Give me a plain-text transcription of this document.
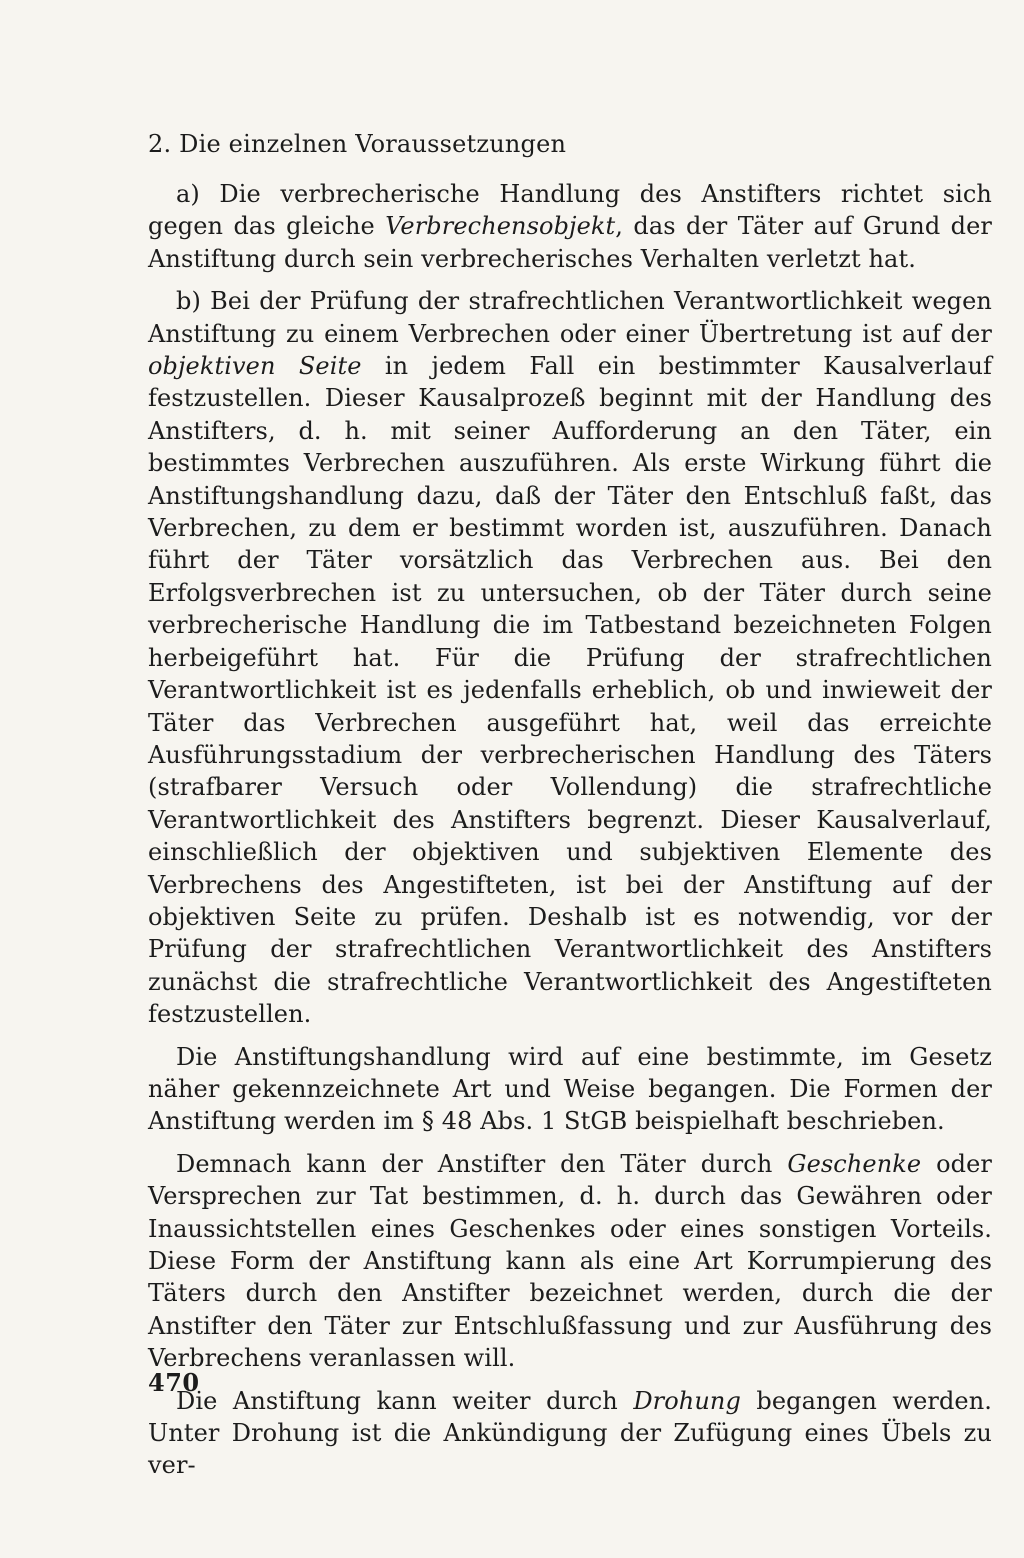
2. Die einzelnen Voraussetzungen

a) Die verbrecherische Handlung des Anstifters richtet sich gegen das gleiche Verbrechensobjekt, das der Täter auf Grund der Anstiftung durch sein verbrecherisches Verhalten verletzt hat.

b) Bei der Prüfung der strafrechtlichen Verantwortlichkeit wegen Anstiftung zu einem Verbrechen oder einer Übertretung ist auf der objektiven Seite in jedem Fall ein bestimmter Kausalverlauf festzustellen. Dieser Kausalprozeß beginnt mit der Handlung des Anstifters, d. h. mit seiner Aufforderung an den Täter, ein bestimmtes Verbrechen auszuführen. Als erste Wirkung führt die Anstiftungshandlung dazu, daß der Täter den Entschluß faßt, das Verbrechen, zu dem er bestimmt worden ist, auszuführen. Danach führt der Täter vorsätzlich das Verbrechen aus. Bei den Erfolgsverbrechen ist zu untersuchen, ob der Täter durch seine verbrecherische Handlung die im Tatbestand bezeichneten Folgen herbeigeführt hat. Für die Prüfung der strafrechtlichen Verantwortlichkeit ist es jedenfalls erheblich, ob und inwieweit der Täter das Verbrechen ausgeführt hat, weil das erreichte Ausführungsstadium der verbrecherischen Handlung des Täters (strafbarer Versuch oder Vollendung) die strafrechtliche Verantwortlichkeit des Anstifters begrenzt. Dieser Kausalverlauf, einschließlich der objektiven und subjektiven Elemente des Verbrechens des Angestifteten, ist bei der Anstiftung auf der objektiven Seite zu prüfen. Deshalb ist es notwendig, vor der Prüfung der strafrechtlichen Verantwortlichkeit des Anstifters zunächst die strafrechtliche Verantwortlichkeit des Angestifteten festzustellen.

Die Anstiftungshandlung wird auf eine bestimmte, im Gesetz näher gekennzeichnete Art und Weise begangen. Die Formen der Anstiftung werden im § 48 Abs. 1 StGB beispielhaft beschrieben.

Demnach kann der Anstifter den Täter durch Geschenke oder Versprechen zur Tat bestimmen, d. h. durch das Gewähren oder Inaussichtstellen eines Geschenkes oder eines sonstigen Vorteils. Diese Form der Anstiftung kann als eine Art Korrumpierung des Täters durch den Anstifter bezeichnet werden, durch die der Anstifter den Täter zur Entschlußfassung und zur Ausführung des Verbrechens veranlassen will.

Die Anstiftung kann weiter durch Drohung begangen werden. Unter Drohung ist die Ankündigung der Zufügung eines Übels zu ver-

470
